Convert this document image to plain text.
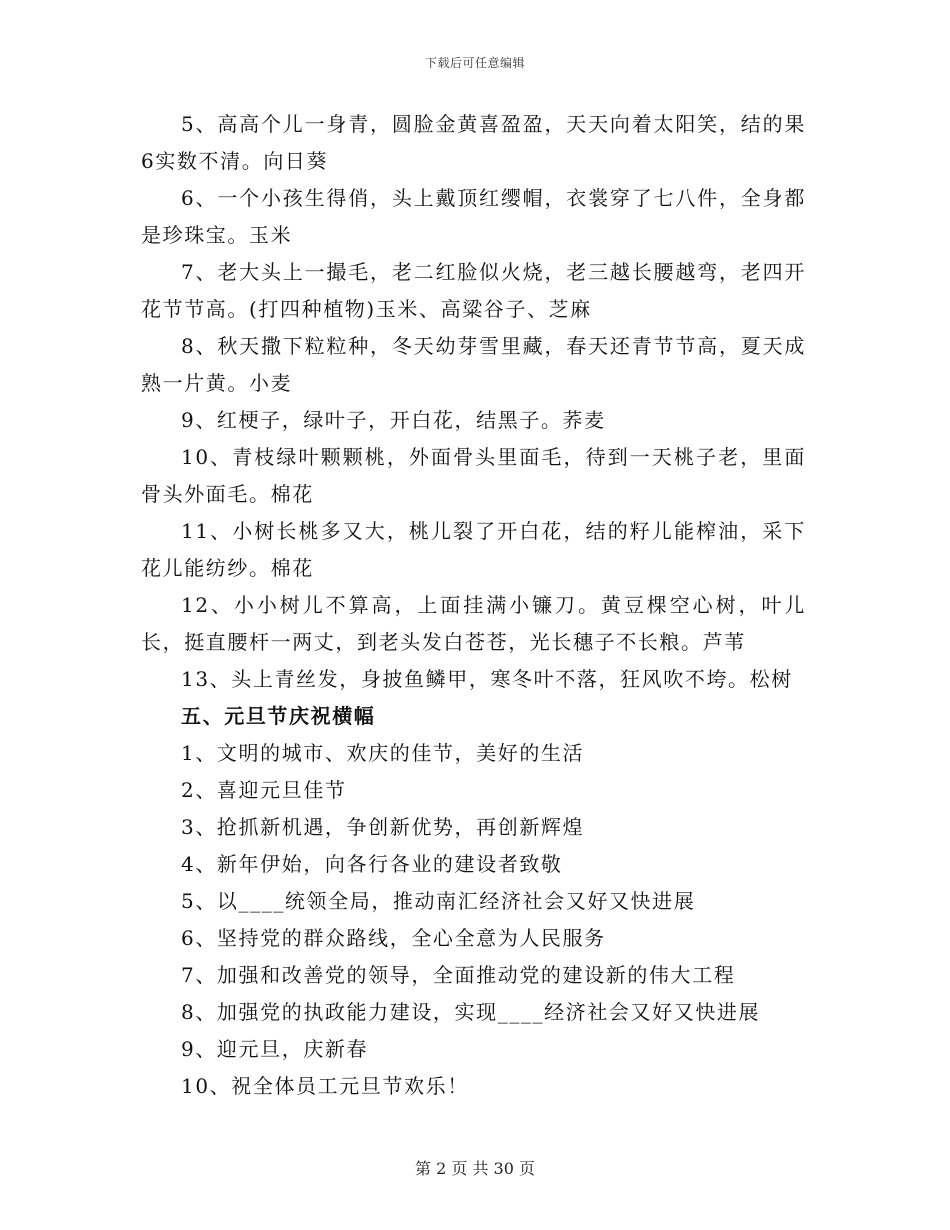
下载后可任意编辑

5、高高个儿一身青，圆脸金黄喜盈盈，天天向着太阳笑，结的果6实数不清。向日葵

6、一个小孩生得俏，头上戴顶红缨帽，衣裳穿了七八件，全身都是珍珠宝。玉米

7、老大头上一撮毛，老二红脸似火烧，老三越长腰越弯，老四开花节节高。(打四种植物)玉米、高粱谷子、芝麻

8、秋天撒下粒粒种，冬天幼芽雪里藏，春天还青节节高，夏天成熟一片黄。小麦

9、红梗子，绿叶子，开白花，结黑子。荞麦

10、青枝绿叶颗颗桃，外面骨头里面毛，待到一天桃子老，里面骨头外面毛。棉花

11、小树长桃多又大，桃儿裂了开白花，结的籽儿能榨油，采下花儿能纺纱。棉花

12、小小树儿不算高，上面挂满小镰刀。黄豆棵空心树，叶儿长，挺直腰杆一两丈，到老头发白苍苍，光长穗子不长粮。芦苇

13、头上青丝发，身披鱼鳞甲，寒冬叶不落，狂风吹不垮。松树

五、元旦节庆祝横幅

1、文明的城市、欢庆的佳节，美好的生活

2、喜迎元旦佳节

3、抢抓新机遇，争创新优势，再创新辉煌

4、新年伊始，向各行各业的建设者致敬

5、以____统领全局，推动南汇经济社会又好又快进展

6、坚持党的群众路线，全心全意为人民服务

7、加强和改善党的领导，全面推动党的建设新的伟大工程

8、加强党的执政能力建设，实现____经济社会又好又快进展

9、迎元旦，庆新春

10、祝全体员工元旦节欢乐！

第 2 页 共 30 页
